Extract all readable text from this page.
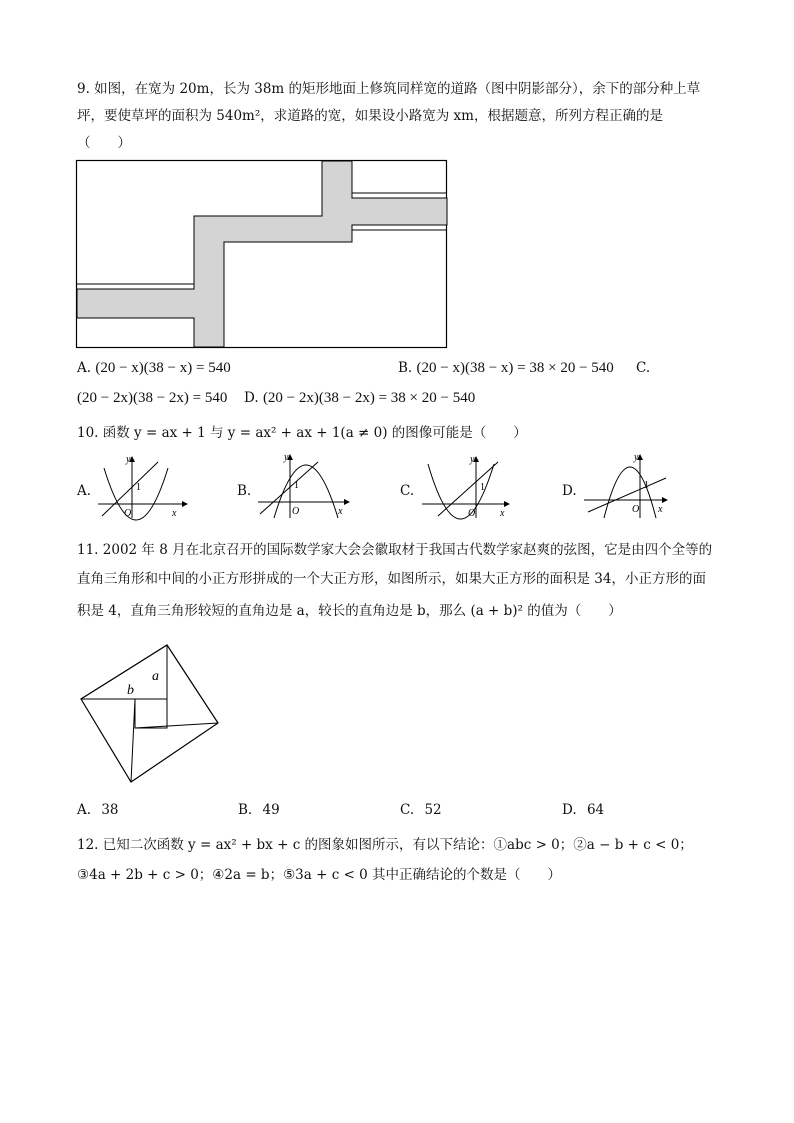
9. 如图，在宽为 20m，长为 38m 的矩形地面上修筑同样宽的道路（图中阴影部分），余下的部分种上草
坪，要使草坪的面积为 540m²，求道路的宽，如果设小路宽为 xm，根据题意，所列方程正确的是
（　　）
A. (20 − x)(38 − x) = 540	B. (20 − x)(38 − x) = 38 × 20 − 540 C.
(20 − 2x)(38 − 2x) = 540 D. (20 − 2x)(38 − 2x) = 38 × 20 − 540
10. 函数 y = ax + 1 与 y = ax² + ax + 1(a ≠ 0) 的图像可能是（　　）
A.
O
1
y
x
B.
O
1
y
x
C.
O
1
y
x
D.
O
1
y
x
11. 2002 年 8 月在北京召开的国际数学家大会会徽取材于我国古代数学家赵爽的弦图，它是由四个全等的
直角三角形和中间的小正方形拼成的一个大正方形，如图所示，如果大正方形的面积是 34，小正方形的面
积是 4，直角三角形较短的直角边是 a，较长的直角边是 b，那么 (a + b)² 的值为（　　）
a
b
A. 38	B. 49	C. 52	D. 64
12. 已知二次函数 y = ax² + bx + c 的图象如图所示，有以下结论：①abc > 0；②a − b + c < 0；
③4a + 2b + c > 0；④2a = b；⑤3a + c < 0 其中正确结论的个数是（　　）
